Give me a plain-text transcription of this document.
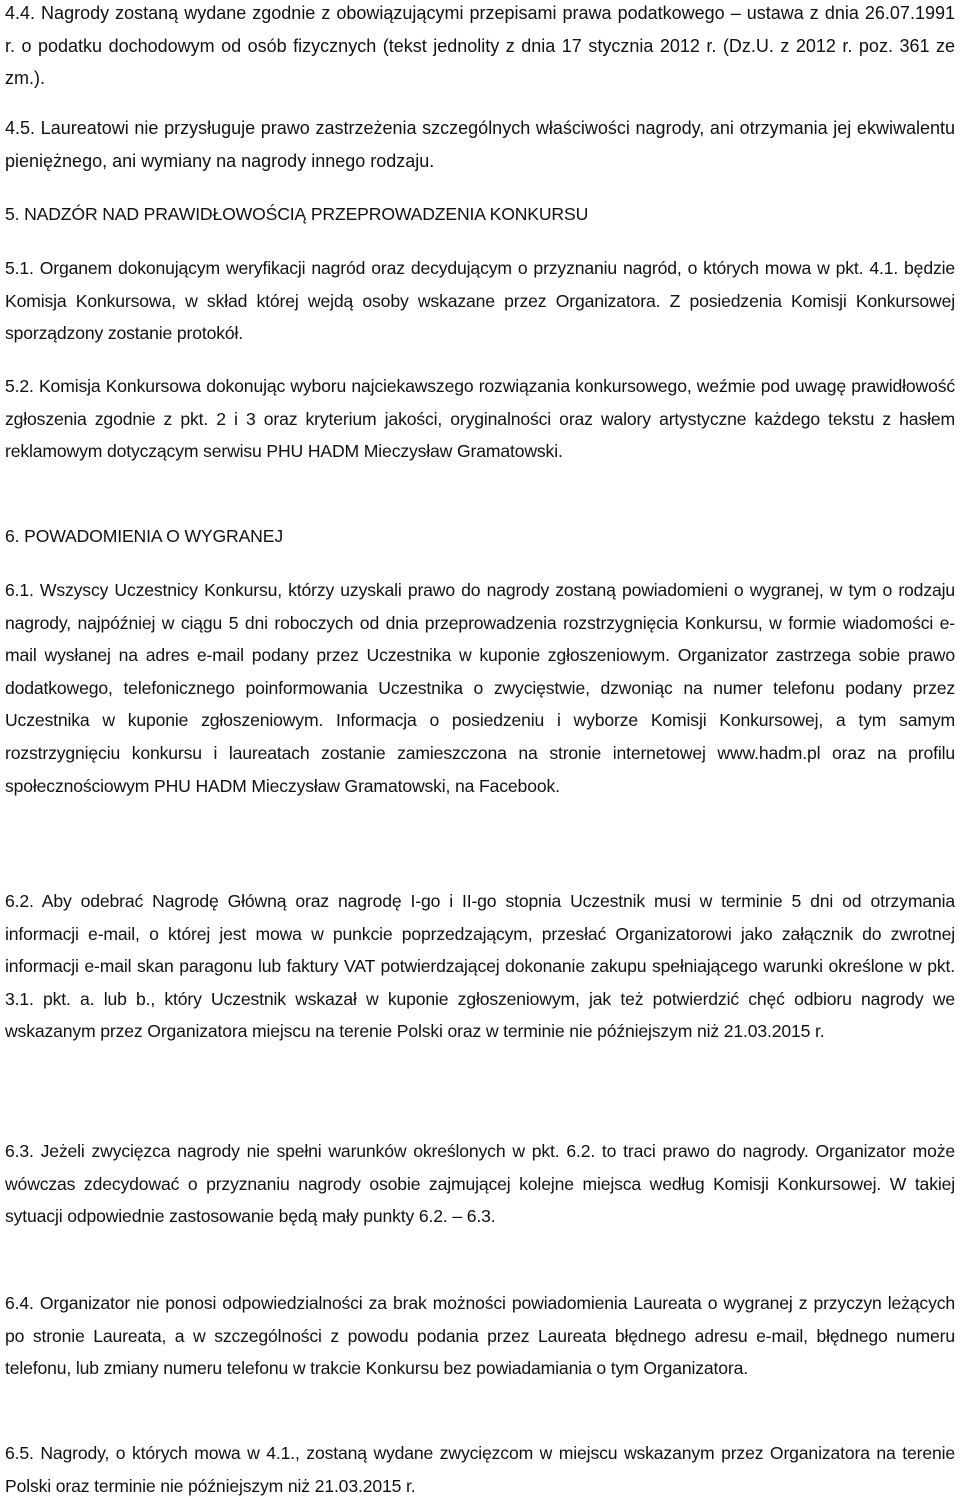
4.4. Nagrody zostaną wydane zgodnie z obowiązującymi przepisami prawa podatkowego – ustawa z dnia 26.07.1991 r. o podatku dochodowym od osób fizycznych (tekst jednolity z dnia 17 stycznia 2012 r. (Dz.U. z 2012 r. poz. 361 ze zm.).

4.5. Laureatowi nie przysługuje prawo zastrzeżenia szczególnych właściwości nagrody, ani otrzymania jej ekwiwalentu pieniężnego, ani wymiany na nagrody innego rodzaju.

5. NADZÓR NAD PRAWIDŁOWOŚCIĄ PRZEPROWADZENIA KONKURSU

5.1. Organem dokonującym weryfikacji nagród oraz decydującym o przyznaniu nagród, o których mowa w pkt. 4.1. będzie Komisja Konkursowa, w skład której wejdą osoby wskazane przez Organizatora. Z posiedzenia Komisji Konkursowej sporządzony zostanie protokół.

5.2. Komisja Konkursowa dokonując wyboru najciekawszego rozwiązania konkursowego, weźmie pod uwagę prawidłowość zgłoszenia zgodnie z pkt. 2 i 3 oraz kryterium jakości, oryginalności oraz walory artystyczne każdego tekstu z hasłem reklamowym dotyczącym serwisu PHU HADM Mieczysław Gramatowski.

6. POWADOMIENIA O WYGRANEJ

6.1. Wszyscy Uczestnicy Konkursu, którzy uzyskali prawo do nagrody zostaną powiadomieni o wygranej, w tym o rodzaju nagrody, najpóźniej w ciągu 5 dni roboczych od dnia przeprowadzenia rozstrzygnięcia Konkursu, w formie wiadomości e-mail wysłanej na adres e-mail podany przez Uczestnika w kuponie zgłoszeniowym. Organizator zastrzega sobie prawo dodatkowego, telefonicznego poinformowania Uczestnika o zwycięstwie, dzwoniąc na numer telefonu podany przez Uczestnika w kuponie zgłoszeniowym. Informacja o posiedzeniu i wyborze Komisji Konkursowej, a tym samym rozstrzygnięciu konkursu i laureatach zostanie zamieszczona na stronie internetowej www.hadm.pl oraz na profilu społecznościowym PHU HADM Mieczysław Gramatowski, na Facebook.

6.2. Aby odebrać Nagrodę Główną oraz nagrodę I-go i II-go stopnia Uczestnik musi w terminie 5 dni od otrzymania informacji e-mail, o której jest mowa w punkcie poprzedzającym, przesłać Organizatorowi jako załącznik do zwrotnej informacji e-mail skan paragonu lub faktury VAT potwierdzającej dokonanie zakupu spełniającego warunki określone w pkt. 3.1. pkt. a. lub b., który Uczestnik wskazał w kuponie zgłoszeniowym, jak też potwierdzić chęć odbioru nagrody we wskazanym przez Organizatora miejscu na terenie Polski oraz w terminie nie późniejszym niż 21.03.2015 r.

6.3. Jeżeli zwycięzca nagrody nie spełni warunków określonych w pkt. 6.2. to traci prawo do nagrody. Organizator może wówczas zdecydować o przyznaniu nagrody osobie zajmującej kolejne miejsca według Komisji Konkursowej. W takiej sytuacji odpowiednie zastosowanie będą mały punkty 6.2. – 6.3.

6.4. Organizator nie ponosi odpowiedzialności za brak możności powiadomienia Laureata o wygranej z przyczyn leżących po stronie Laureata, a w szczególności z powodu podania przez Laureata błędnego adresu e-mail, błędnego numeru telefonu, lub zmiany numeru telefonu w trakcie Konkursu bez powiadamiania o tym Organizatora.

6.5. Nagrody, o których mowa w 4.1., zostaną wydane zwycięzcom w miejscu wskazanym przez Organizatora na terenie Polski oraz terminie nie późniejszym niż 21.03.2015 r.
